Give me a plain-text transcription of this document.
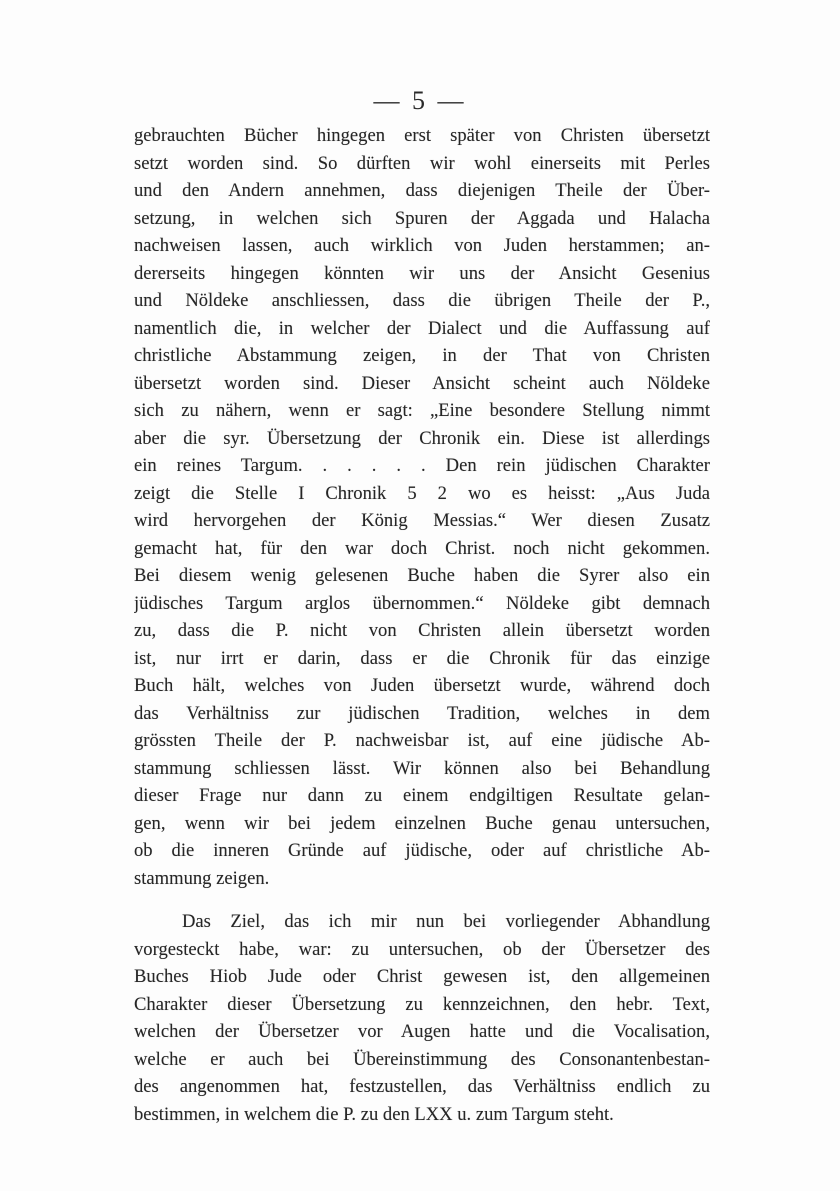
— 5 —
gebrauchten Bücher hingegen erst später von Christen übersetzt
setzt worden sind. So dürften wir wohl einerseits mit Perles
und den Andern annehmen, dass diejenigen Theile der Über-
setzung, in welchen sich Spuren der Aggada und Halacha
nachweisen lassen, auch wirklich von Juden herstammen; an-
dererseits hingegen könnten wir uns der Ansicht Gesenius
und Nöldeke anschliessen, dass die übrigen Theile der P.,
namentlich die, in welcher der Dialect und die Auffassung auf
christliche Abstammung zeigen, in der That von Christen
übersetzt worden sind. Dieser Ansicht scheint auch Nöldeke
sich zu nähern, wenn er sagt: „Eine besondere Stellung nimmt
aber die syr. Übersetzung der Chronik ein. Diese ist allerdings
ein reines Targum. . . . . . Den rein jüdischen Charakter
zeigt die Stelle I Chronik 5 2 wo es heisst: „Aus Juda
wird hervorgehen der König Messias.“ Wer diesen Zusatz
gemacht hat, für den war doch Christ. noch nicht gekommen.
Bei diesem wenig gelesenen Buche haben die Syrer also ein
jüdisches Targum arglos übernommen.“ Nöldeke gibt demnach
zu, dass die P. nicht von Christen allein übersetzt worden
ist, nur irrt er darin, dass er die Chronik für das einzige
Buch hält, welches von Juden übersetzt wurde, während doch
das Verhältniss zur jüdischen Tradition, welches in dem
grössten Theile der P. nachweisbar ist, auf eine jüdische Ab-
stammung schliessen lässt. Wir können also bei Behandlung
dieser Frage nur dann zu einem endgiltigen Resultate gelan-
gen, wenn wir bei jedem einzelnen Buche genau untersuchen,
ob die inneren Gründe auf jüdische, oder auf christliche Ab-
stammung zeigen.
Das Ziel, das ich mir nun bei vorliegender Abhandlung
vorgesteckt habe, war: zu untersuchen, ob der Übersetzer des
Buches Hiob Jude oder Christ gewesen ist, den allgemeinen
Charakter dieser Übersetzung zu kennzeichnen, den hebr. Text,
welchen der Übersetzer vor Augen hatte und die Vocalisation,
welche er auch bei Übereinstimmung des Consonantenbestan-
des angenommen hat, festzustellen, das Verhältniss endlich zu
bestimmen, in welchem die P. zu den LXX u. zum Targum steht.
